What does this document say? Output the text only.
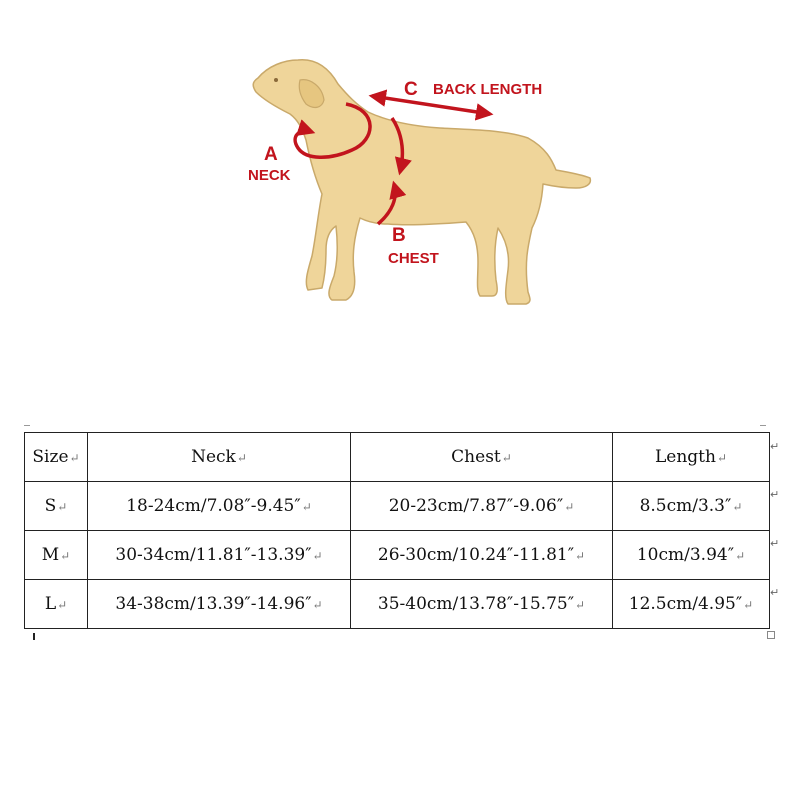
C BACK LENGTH
A
NECK
B
CHEST
Size↵	Neck↵	Chest↵	Length↵
S↵	18-24cm/7.08″-9.45″↵	20-23cm/7.87″-9.06″↵	8.5cm/3.3″↵
M↵	30-34cm/11.81″-13.39″↵	26-30cm/10.24″-11.81″↵	10cm/3.94″↵
L↵	34-38cm/13.39″-14.96″↵	35-40cm/13.78″-15.75″↵	12.5cm/4.95″↵
↵
↵
↵
↵
